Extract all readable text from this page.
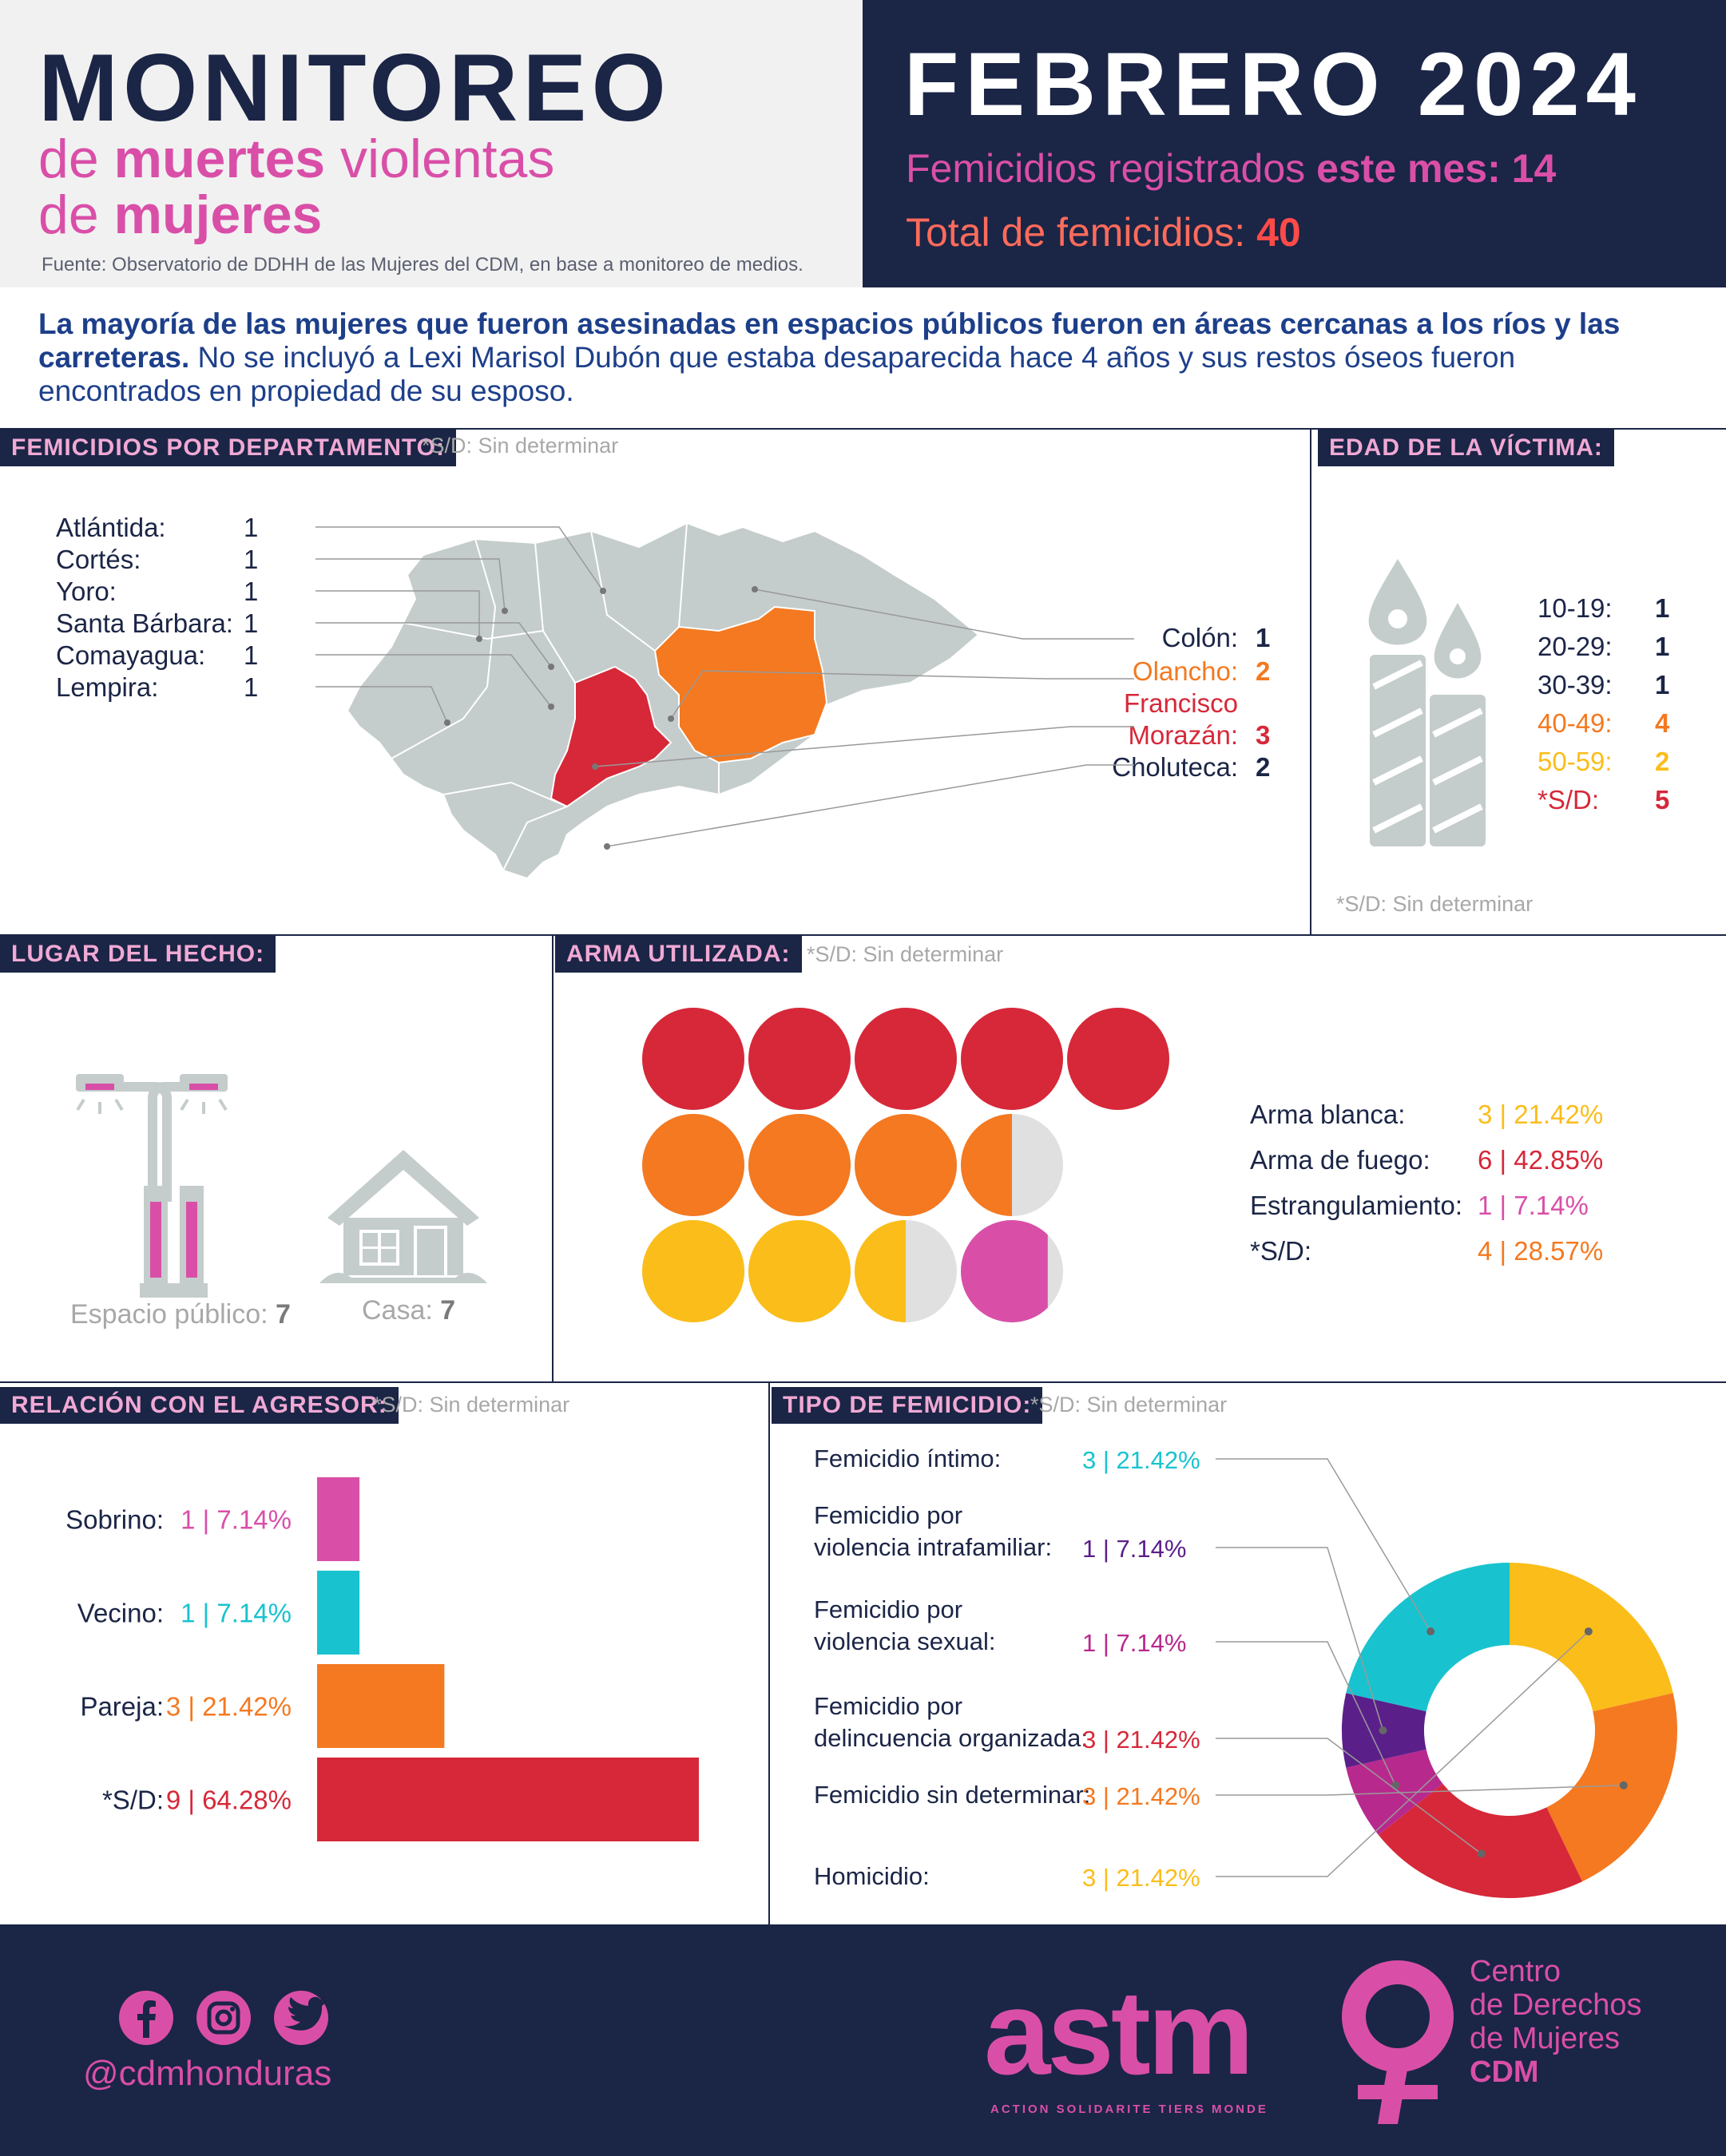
MONITOREO
de muertes violentas
de mujeres
Fuente: Observatorio de DDHH de las Mujeres del CDM, en base a monitoreo de medios.
FEBRERO 2024
Femicidios registrados este mes: 14
Total de femicidios: 40
La mayoría de las mujeres que fueron asesinadas en espacios públicos fueron en áreas cercanas a los ríos y las carreteras. No se incluyó a Lexi Marisol Dubón que estaba desaparecida hace 4 años y sus restos óseos fueron encontrados en propiedad de su esposo.
FEMICIDIOS POR DEPARTAMENTO:
*S/D: Sin determinar
Atlántida:	1
Cortés:	1
Yoro:	1
Santa Bárbara: 1
Comayagua: 1
Lempira:	1
Colón: 1
Olancho: 2
Francisco
Morazán: 3
Choluteca: 2
EDAD DE LA VÍCTIMA:
10-19: 1
20-29: 1
30-39: 1
40-49: 4
50-59: 2
*S/D: 5
*S/D: Sin determinar
LUGAR DEL HECHO:
Espacio público: 7	Casa: 7
ARMA UTILIZADA: *S/D: Sin determinar
Arma blanca:	3 | 21.42%
Arma de fuego: 6 | 42.85%
Estrangulamiento: 1 | 7.14%
*S/D:	4 | 28.57%
RELACIÓN CON EL AGRESOR:
*S/D: Sin determinar
Sobrino: 1 | 7.14%
Vecino: 1 | 7.14%
Pareja: 3 | 21.42%
*S/D: 9 | 64.28%
TIPO DE FEMICIDIO:
*S/D: Sin determinar
Femicidio íntimo:	3 | 21.42%
Femicidio por
violencia intrafamiliar: 1 | 7.14%
Femicidio por
violencia sexual:	1 | 7.14%
Femicidio por
delincuencia organizada:
3 | 21.42%
Femicidio sin determinar:
3 | 21.42%
Homicidio:	3 | 21.42%
@cdmhonduras	astm
ACTION SOLIDARITE TIERS MONDE
Centro
de Derechos
de Mujeres
CDM
